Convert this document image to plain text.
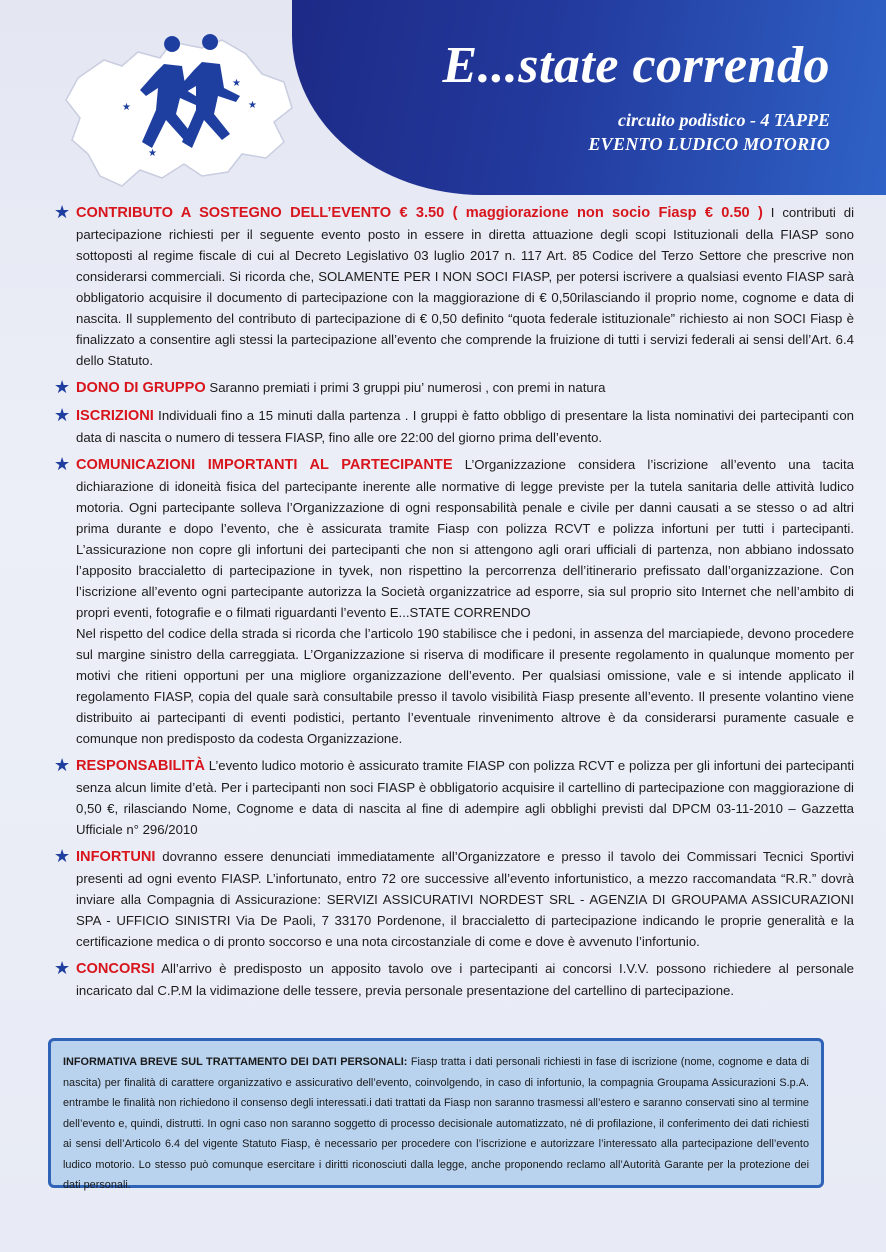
E...state correndo
circuito podistico - 4 TAPPE
EVENTO LUDICO MOTORIO
★
★
★
★
★ CONTRIBUTO A SOSTEGNO DELL’EVENTO € 3.50 ( maggiorazione non socio Fiasp € 0.50 ) I contributi di partecipazione richiesti per il seguente evento posto in essere in diretta attuazione degli scopi Istituzionali della FIASP sono sottoposti al regime fiscale di cui al Decreto Legislativo 03 luglio 2017 n. 117 Art. 85 Codice del Terzo Settore che prescrive non considerarsi commerciali. Si ricorda che, SOLAMENTE PER I NON SOCI FIASP, per potersi iscrivere a qualsiasi evento FIASP sarà obbligatorio acquisire il documento di partecipazione con la maggiorazione di € 0,50rilasciando il proprio nome, cognome e data di nascita. Il supplemento del contributo di partecipazione di € 0,50 definito “quota federale istituzionale” richiesto ai non SOCI Fiasp è finalizzato a consentire agli stessi la partecipazione all’evento che comprende la fruizione di tutti i servizi federali ai sensi dell’Art. 6.4 dello Statuto.
★ DONO DI GRUPPO Saranno premiati i primi 3 gruppi piu’ numerosi , con premi in natura
★ ISCRIZIONI Individuali fino a 15 minuti dalla partenza . I gruppi è fatto obbligo di presentare la lista nominativi dei partecipanti con data di nascita o numero di tessera FIASP, fino alle ore 22:00 del giorno prima dell’evento.
★ COMUNICAZIONI IMPORTANTI AL PARTECIPANTE L’Organizzazione considera l’iscrizione all’evento una tacita dichiarazione di idoneità fisica del partecipante inerente alle normative di legge previste per la tutela sanitaria delle attività ludico motoria. Ogni partecipante solleva l’Organizzazione di ogni responsabilità penale e civile per danni causati a se stesso o ad altri prima durante e dopo l’evento, che è assicurata tramite Fiasp con polizza RCVT e polizza infortuni per tutti i partecipanti. L’assicurazione non copre gli infortuni dei partecipanti che non si attengono agli orari ufficiali di partenza, non abbiano indossato l’apposito braccialetto di partecipazione in tyvek, non rispettino la percorrenza dell’itinerario prefissato dall’organizzazione. Con l’iscrizione all’evento ogni partecipante autorizza la Società organizzatrice ad esporre, sia sul proprio sito Internet che nell’ambito di propri eventi, fotografie e o filmati riguardanti l’evento E...STATE CORRENDO
Nel rispetto del codice della strada si ricorda che l’articolo 190 stabilisce che i pedoni, in assenza del marciapiede, devono procedere sul margine sinistro della carreggiata. L’Organizzazione si riserva di modificare il presente regolamento in qualunque momento per motivi che ritieni opportuni per una migliore organizzazione dell’evento. Per qualsiasi omissione, vale e si intende applicato il regolamento FIASP, copia del quale sarà consultabile presso il tavolo visibilità Fiasp presente all’evento. Il presente volantino viene distribuito ai partecipanti di eventi podistici, pertanto l’eventuale rinvenimento altrove è da considerarsi puramente casuale e comunque non predisposto da codesta Organizzazione.
★ RESPONSABILITÀ L’evento ludico motorio è assicurato tramite FIASP con polizza RCVT e polizza per gli infortuni dei partecipanti senza alcun limite d’età. Per i partecipanti non soci FIASP è obbligatorio acquisire il cartellino di partecipazione con maggiorazione di 0,50 €, rilasciando Nome, Cognome e data di nascita al fine di adempire agli obblighi previsti dal DPCM 03-11-2010 – Gazzetta Ufficiale n° 296/2010
★ INFORTUNI dovranno essere denunciati immediatamente all’Organizzatore e presso il tavolo dei Commissari Tecnici Sportivi presenti ad ogni evento FIASP. L’infortunato, entro 72 ore successive all’evento infortunistico, a mezzo raccomandata “R.R.” dovrà inviare alla Compagnia di Assicurazione: SERVIZI ASSICURATIVI NORDEST SRL - AGENZIA DI GROUPAMA ASSICURAZIONI SPA - UFFICIO SINISTRI Via De Paoli, 7 33170 Pordenone, il braccialetto di partecipazione indicando le proprie generalità e la certificazione medica o di pronto soccorso e una nota circostanziale di come e dove è avvenuto l’infortunio.
★ CONCORSI All’arrivo è predisposto un apposito tavolo ove i partecipanti ai concorsi I.V.V. possono richiedere al personale incaricato dal C.P.M la vidimazione delle tessere, previa personale presentazione del cartellino di partecipazione.
INFORMATIVA BREVE SUL TRATTAMENTO DEI DATI PERSONALI: Fiasp tratta i dati personali richiesti in fase di iscrizione (nome, cognome e data di nascita) per finalità di carattere organizzativo e assicurativo dell’evento, coinvolgendo, in caso di infortunio, la compagnia Groupama Assicurazioni S.p.A. entrambe le finalità non richiedono il consenso degli interessati.i dati trattati da Fiasp non saranno trasmessi all’estero e saranno conservati sino al termine dell’evento e, quindi, distrutti. In ogni caso non saranno soggetto di processo decisionale automatizzato, né di profilazione, il conferimento dei dati richiesti ai sensi dell’Articolo 6.4 del vigente Statuto Fiasp, è necessario per procedere con l’iscrizione e autorizzare l’interessato alla partecipazione dell’evento ludico motorio. Lo stesso può comunque esercitare i diritti riconosciuti dalla legge, anche proponendo reclamo all’Autorità Garante per la protezione dei dati personali.
